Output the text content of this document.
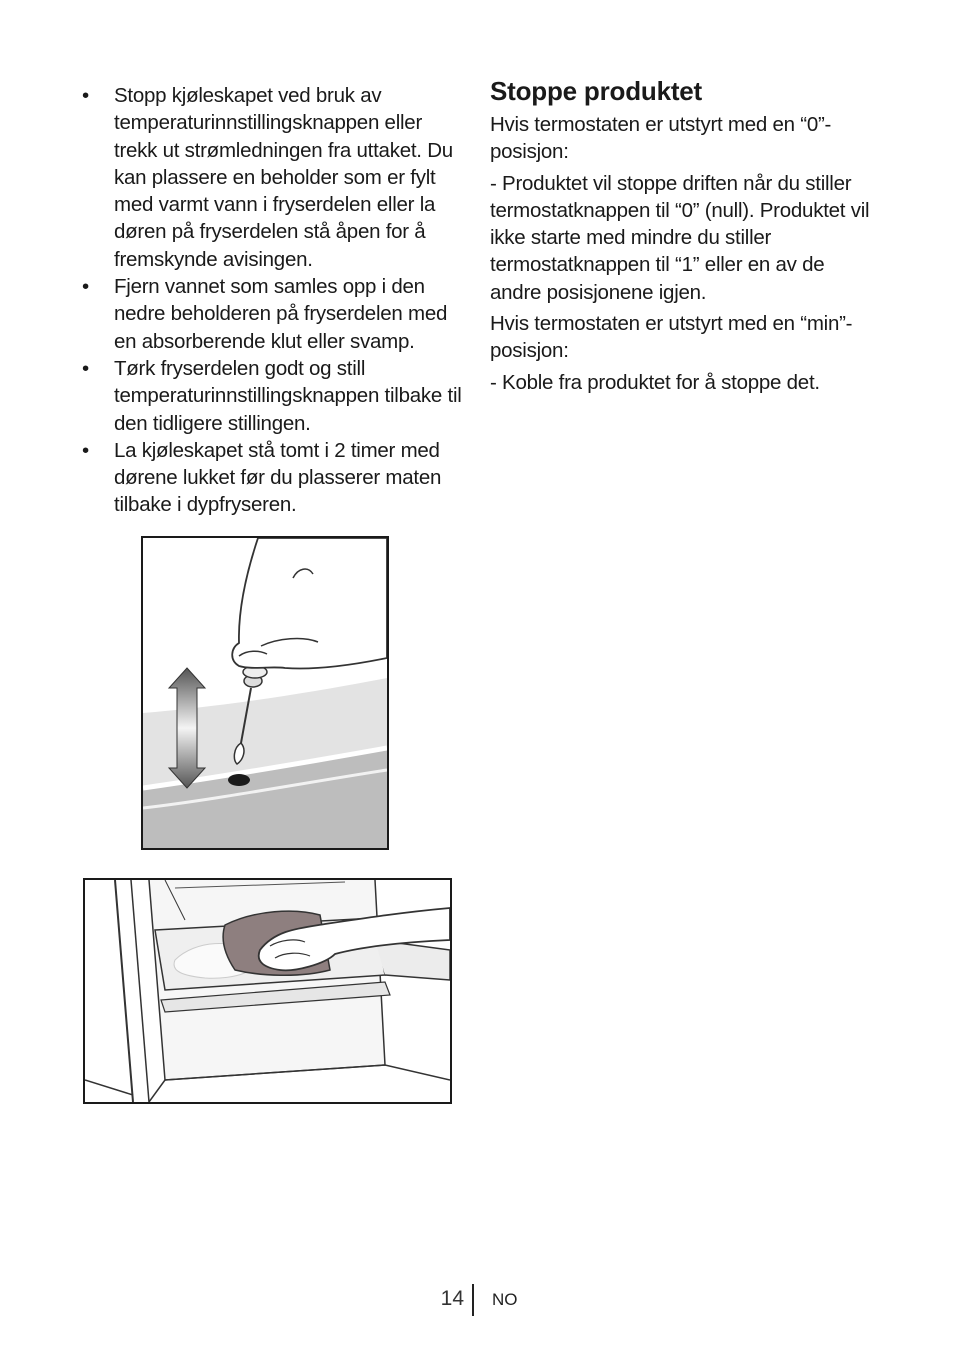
•	Stopp kjøleskapet ved bruk av temperaturinnstillingsknappen eller trekk ut strømledningen fra uttaket. Du kan plassere en beholder som er fylt med varmt vann i fryserdelen eller la døren på fryserdelen stå åpen for å fremskynde avisingen.
•	Fjern vannet som samles opp i den nedre beholderen på fryserdelen med en absorberende klut eller svamp.
•	Tørk fryserdelen godt og still temperaturinnstillingsknappen tilbake til den tidligere stillingen.
•	La kjøleskapet stå tomt i 2 timer med dørene lukket før du plasserer maten tilbake i dypfryseren.
Stoppe produktet

Hvis termostaten er utstyrt med en “0”-posisjon:

- Produktet vil stoppe driften når du stiller termostatknappen til “0” (null). Produktet vil ikke starte med mindre du stiller termostatknappen til “1” eller en av de andre posisjonene igjen.

Hvis termostaten er utstyrt med en “min”-posisjon:

- Koble fra produktet for å stoppe det.

14 NO
